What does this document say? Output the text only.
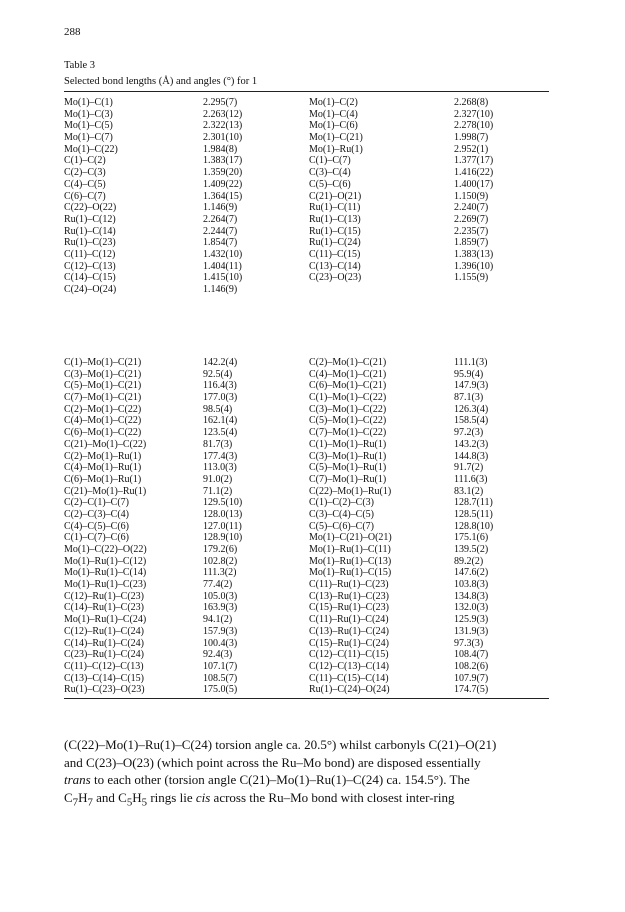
288
Table 3
Selected bond lengths (Å) and angles (°) for 1
Mo(1)–C(1)	2.295(7)	Mo(1)–C(2)	2.268(8)
Mo(1)–C(3)	2.263(12)	Mo(1)–C(4)	2.327(10)
Mo(1)–C(5)	2.322(13)	Mo(1)–C(6)	2.278(10)
Mo(1)–C(7)	2.301(10)	Mo(1)–C(21)	1.998(7)
Mo(1)–C(22)	1.984(8)	Mo(1)–Ru(1)	2.952(1)
C(1)–C(2)	1.383(17)	C(1)–C(7)	1.377(17)
C(2)–C(3)	1.359(20)	C(3)–C(4)	1.416(22)
C(4)–C(5)	1.409(22)	C(5)–C(6)	1.400(17)
C(6)–C(7)	1.364(15)	C(21)–O(21)	1.150(9)
C(22)–O(22)	1.146(9)	Ru(1)–C(11)	2.240(7)
Ru(1)–C(12)	2.264(7)	Ru(1)–C(13)	2.269(7)
Ru(1)–C(14)	2.244(7)	Ru(1)–C(15)	2.235(7)
Ru(1)–C(23)	1.854(7)	Ru(1)–C(24)	1.859(7)
C(11)–C(12)	1.432(10)	C(11)–C(15)	1.383(13)
C(12)–C(13)	1.404(11)	C(13)–C(14)	1.396(10)
C(14)–C(15)	1.415(10)	C(23)–O(23)	1.155(9)
C(24)–O(24)	1.146(9)
C(1)–Mo(1)–C(21)	142.2(4)	C(2)–Mo(1)–C(21)	111.1(3)
C(3)–Mo(1)–C(21)	92.5(4)	C(4)–Mo(1)–C(21)	95.9(4)
C(5)–Mo(1)–C(21)	116.4(3)	C(6)–Mo(1)–C(21)	147.9(3)
C(7)–Mo(1)–C(21)	177.0(3)	C(1)–Mo(1)–C(22)	87.1(3)
C(2)–Mo(1)–C(22)	98.5(4)	C(3)–Mo(1)–C(22)	126.3(4)
C(4)–Mo(1)–C(22)	162.1(4)	C(5)–Mo(1)–C(22)	158.5(4)
C(6)–Mo(1)–C(22)	123.5(4)	C(7)–Mo(1)–C(22)	97.2(3)
C(21)–Mo(1)–C(22)	81.7(3)	C(1)–Mo(1)–Ru(1)	143.2(3)
C(2)–Mo(1)–Ru(1)	177.4(3)	C(3)–Mo(1)–Ru(1)	144.8(3)
C(4)–Mo(1)–Ru(1)	113.0(3)	C(5)–Mo(1)–Ru(1)	91.7(2)
C(6)–Mo(1)–Ru(1)	91.0(2)	C(7)–Mo(1)–Ru(1)	111.6(3)
C(21)–Mo(1)–Ru(1)	71.1(2)	C(22)–Mo(1)–Ru(1)	83.1(2)
C(2)–C(1)–C(7)	129.5(10)	C(1)–C(2)–C(3)	128.7(11)
C(2)–C(3)–C(4)	128.0(13)	C(3)–C(4)–C(5)	128.5(11)
C(4)–C(5)–C(6)	127.0(11)	C(5)–C(6)–C(7)	128.8(10)
C(1)–C(7)–C(6)	128.9(10)	Mo(1)–C(21)–O(21)	175.1(6)
Mo(1)–C(22)–O(22)	179.2(6)	Mo(1)–Ru(1)–C(11)	139.5(2)
Mo(1)–Ru(1)–C(12)	102.8(2)	Mo(1)–Ru(1)–C(13)	89.2(2)
Mo(1)–Ru(1)–C(14)	111.3(2)	Mo(1)–Ru(1)–C(15)	147.6(2)
Mo(1)–Ru(1)–C(23)	77.4(2)	C(11)–Ru(1)–C(23)	103.8(3)
C(12)–Ru(1)–C(23)	105.0(3)	C(13)–Ru(1)–C(23)	134.8(3)
C(14)–Ru(1)–C(23)	163.9(3)	C(15)–Ru(1)–C(23)	132.0(3)
Mo(1)–Ru(1)–C(24)	94.1(2)	C(11)–Ru(1)–C(24)	125.9(3)
C(12)–Ru(1)–C(24)	157.9(3)	C(13)–Ru(1)–C(24)	131.9(3)
C(14)–Ru(1)–C(24)	100.4(3)	C(15)–Ru(1)–C(24)	97.3(3)
C(23)–Ru(1)–C(24)	92.4(3)	C(12)–C(11)–C(15)	108.4(7)
C(11)–C(12)–C(13)	107.1(7)	C(12)–C(13)–C(14)	108.2(6)
C(13)–C(14)–C(15)	108.5(7)	C(11)–C(15)–C(14)	107.9(7)
Ru(1)–C(23)–O(23)	175.0(5)	Ru(1)–C(24)–O(24)	174.7(5)

(C(22)–Mo(1)–Ru(1)–C(24) torsion angle ca. 20.5°) whilst carbonyls C(21)–O(21)

and C(23)–O(23) (which point across the Ru–Mo bond) are disposed essentially

trans to each other (torsion angle C(21)–Mo(1)–Ru(1)–C(24) ca. 154.5°). The

$C_7H_7$ and $C_5H_5$ rings lie cis across the Ru–Mo bond with closest inter-ring
